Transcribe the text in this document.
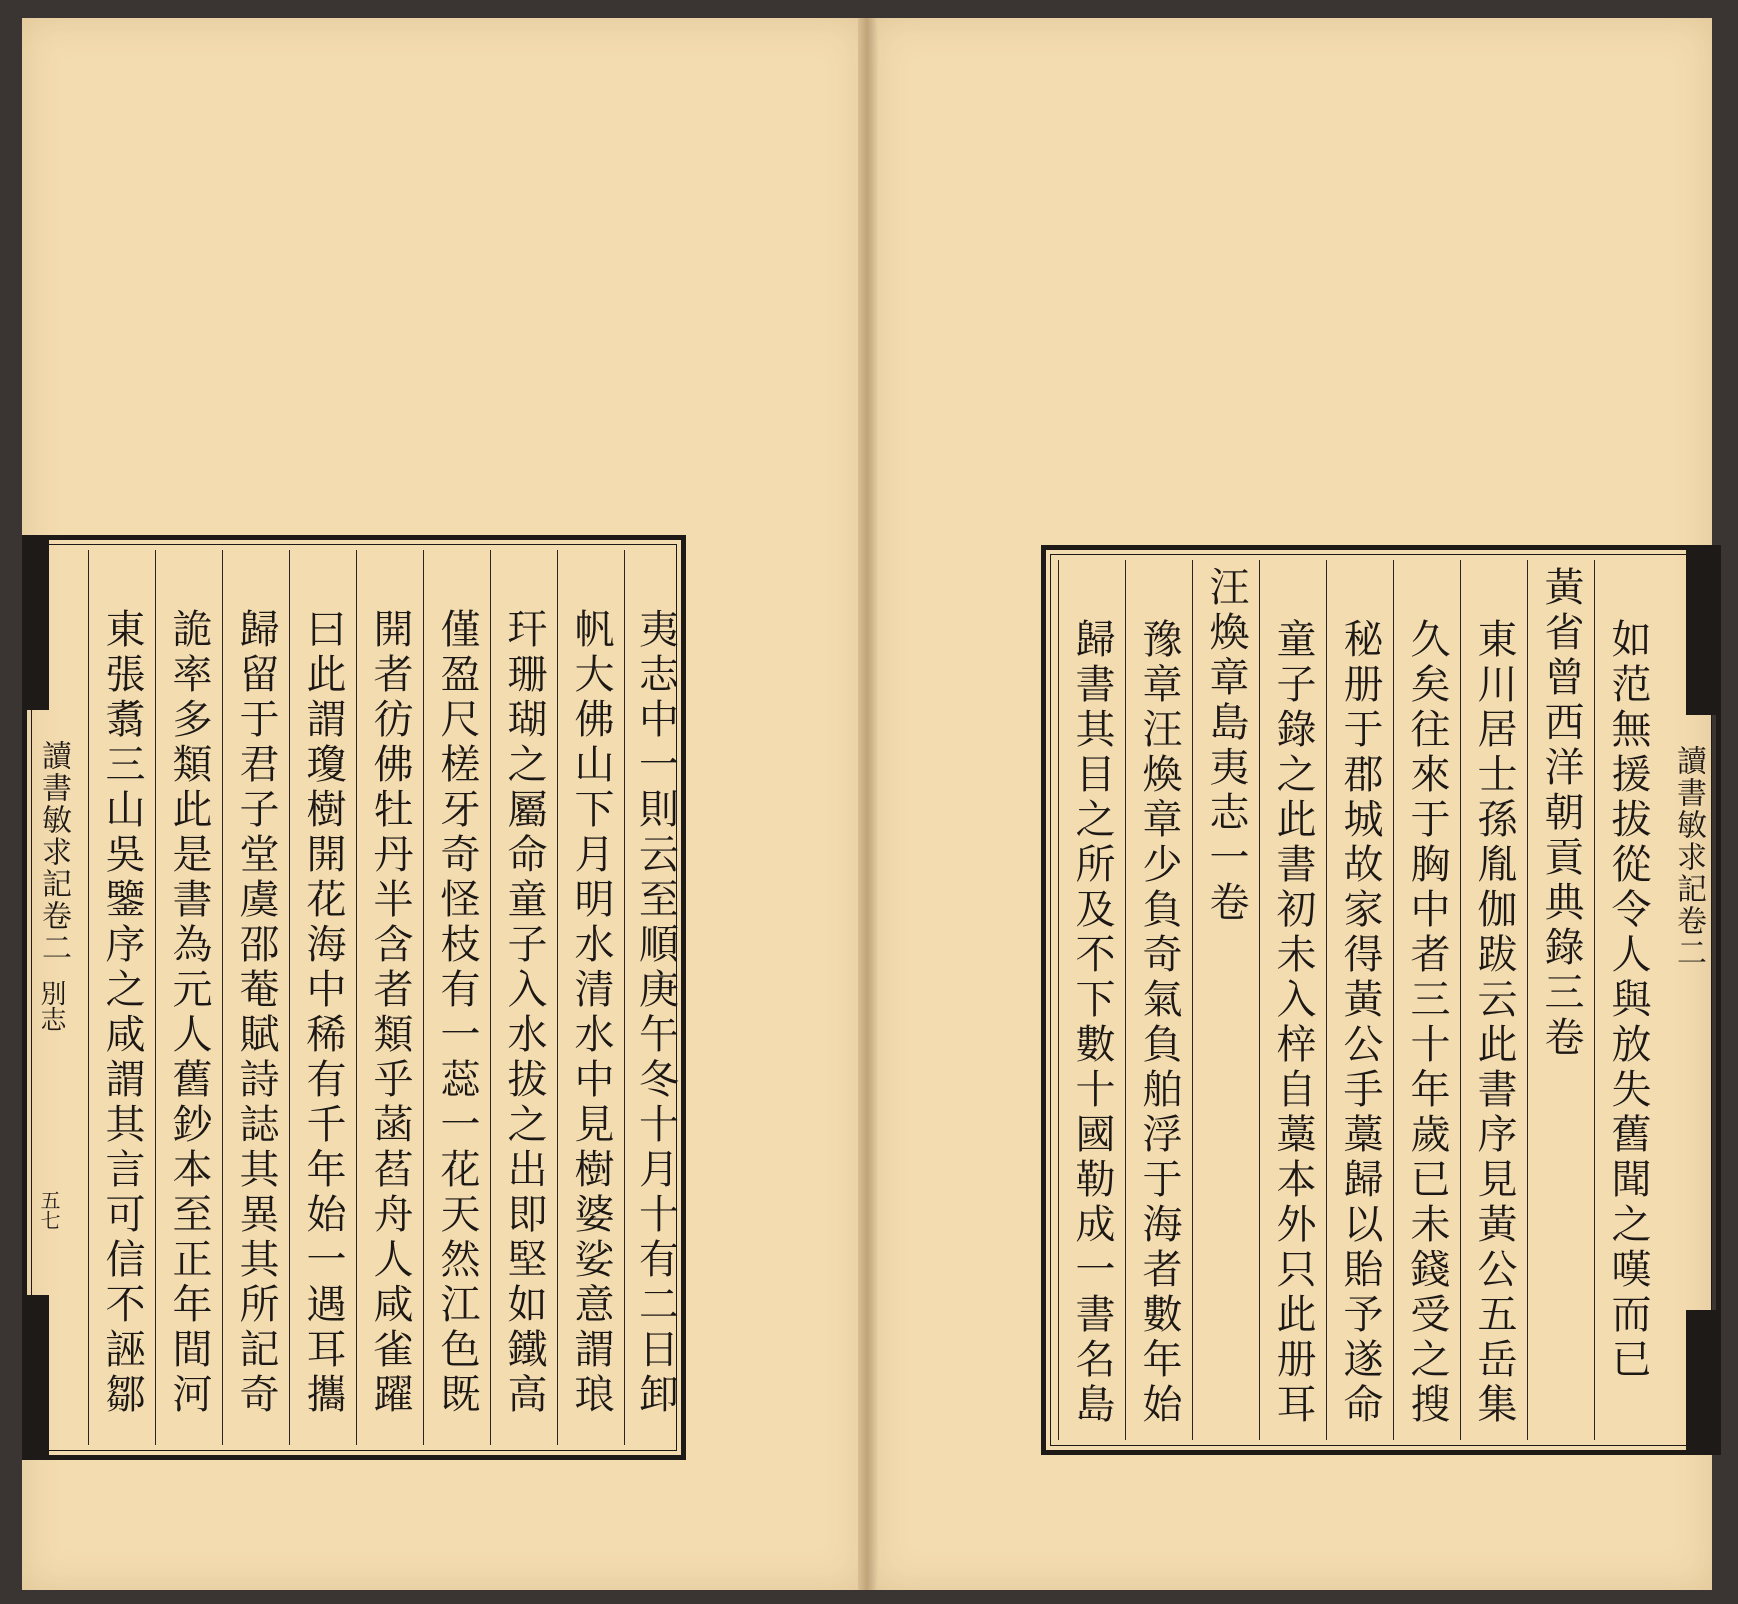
夷志中一則云至順庚午冬十月十有二日卸
帆大佛山下月明水清水中見樹婆娑意謂琅
玕珊瑚之屬命童子入水拔之出即堅如鐵高
僅盈尺槎牙奇怪枝有一蕊一花天然江色既
開者彷佛牡丹半含者類乎菡萏舟人咸雀躍
曰此謂瓊樹開花海中稀有千年始一遇耳攜
歸留于君子堂虞邵菴賦詩誌其異其所記奇
詭率多類此是書為元人舊鈔本至正年間河
東張翥三山吳鑒序之咸謂其言可信不誣鄒
讀書敏求記卷二
別志
五七	如范無援拔從令人與放失舊聞之嘆而已
黃省曾西洋朝貢典錄三卷
東川居士孫胤伽跋云此書序見黃公五岳集
久矣往來于胸中者三十年歲已未錢受之搜
秘册于郡城故家得黃公手藁歸以貽予遂命
童子錄之此書初未入梓自藁本外只此册耳
汪煥章島夷志一卷
豫章汪煥章少負奇氣負舶浮于海者數年始
歸書其目之所及不下數十國勒成一書名島	讀書敏求記卷二
